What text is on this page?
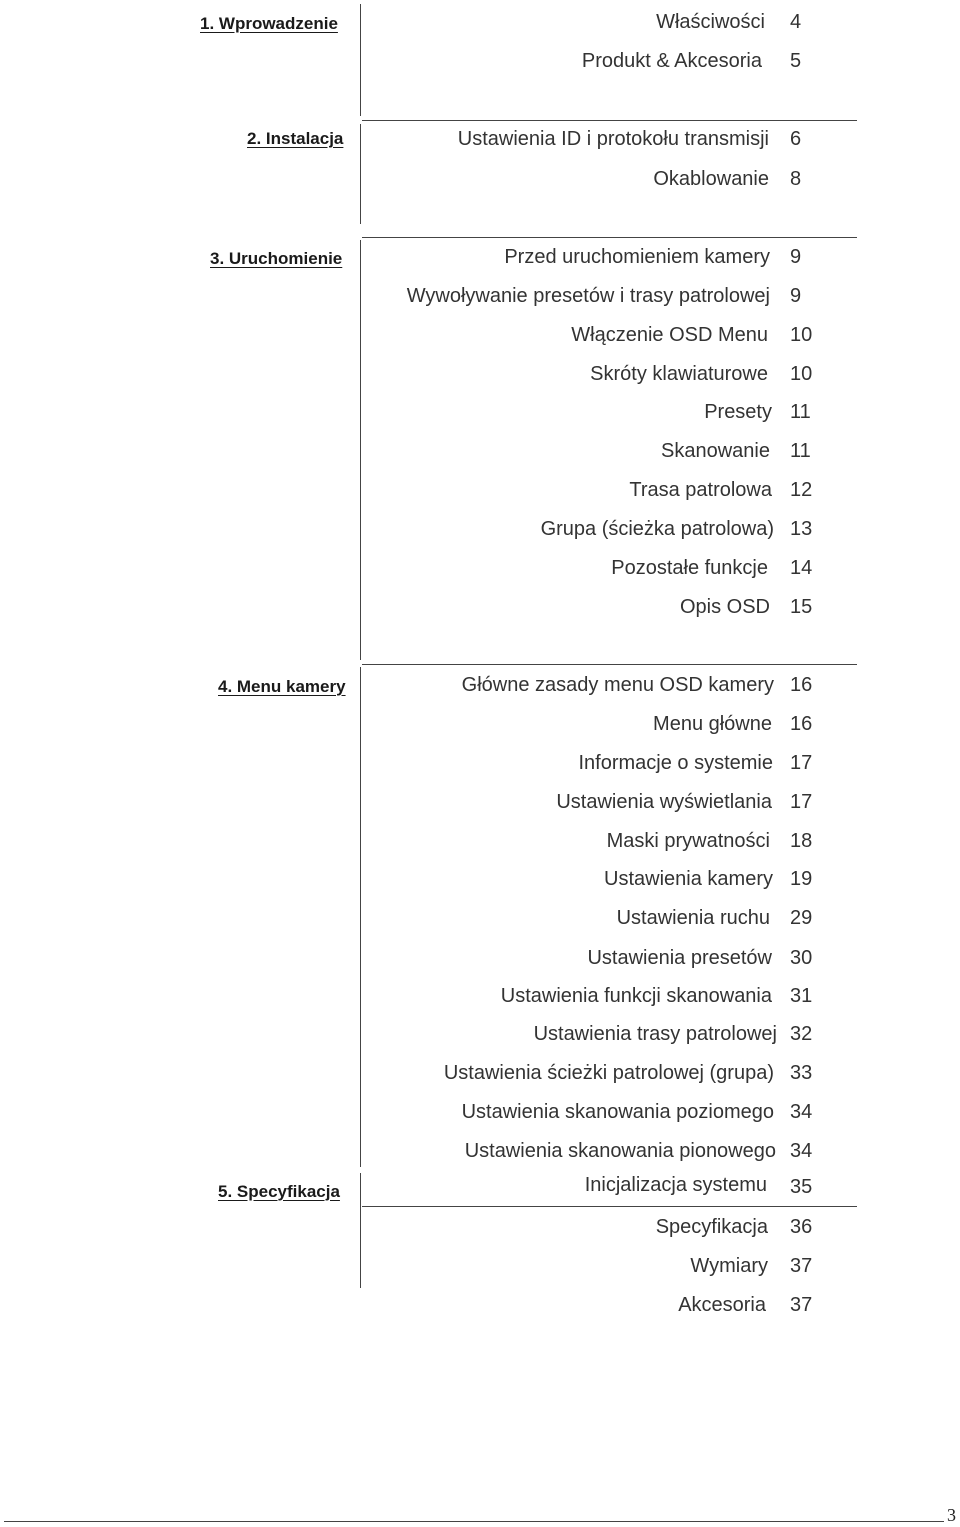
1. Wprowadzenie
2. Instalacja
3. Uruchomienie
4. Menu kamery
5. Specyfikacja
Właściwości 4
Produkt & Akcesoria 5
Ustawienia ID i protokołu transmisji 6
Okablowanie 8
Przed uruchomieniem kamery 9
Wywoływanie presetów i trasy patrolowej 9
Włączenie OSD Menu 10
Skróty klawiaturowe 10
Presety 11
Skanowanie 11
Trasa patrolowa 12
Grupa (ścieżka patrolowa) 13
Pozostałe funkcje 14
Opis OSD 15
Główne zasady menu OSD kamery 16
Menu główne 16
Informacje o systemie 17
Ustawienia wyświetlania 17
Maski prywatności 18
Ustawienia kamery 19
Ustawienia ruchu 29
Ustawienia presetów 30
Ustawienia funkcji skanowania 31
Ustawienia trasy patrolowej 32
Ustawienia ścieżki patrolowej (grupa) 33
Ustawienia skanowania poziomego 34
Ustawienia skanowania pionowego 34
Inicjalizacja systemu 35
Specyfikacja 36
Wymiary 37
Akcesoria 37
3
